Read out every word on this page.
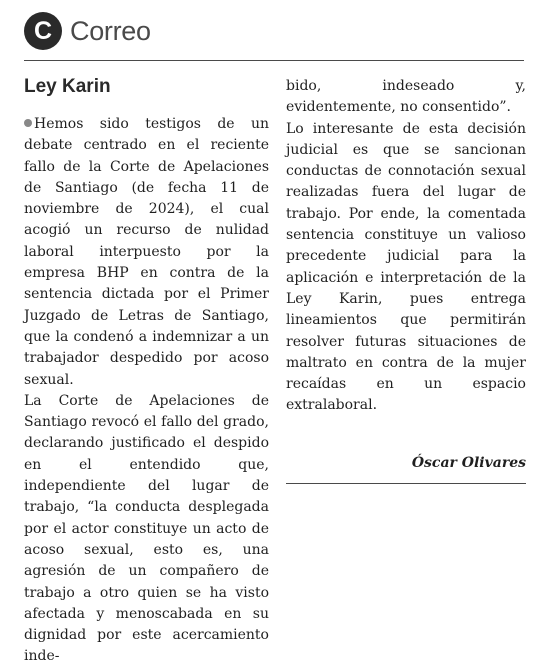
C Correo
Ley Karin

Hemos sido testigos de un debate centrado en el reciente fallo de la Corte de Apelaciones de Santiago (de fecha 11 de noviembre de 2024), el cual acogió un recurso de nulidad laboral interpuesto por la empresa BHP en contra de la sentencia dictada por el Primer Juzgado de Letras de Santiago, que la condenó a indemnizar a un trabajador despedido por acoso sexual.

La Corte de Apelaciones de Santiago revocó el fallo del grado, declarando justificado el despido en el entendido que, independiente del lugar de trabajo, “la conducta desplegada por el actor constituye un acto de acoso sexual, esto es, una agresión de un compañero de trabajo a otro quien se ha visto afectada y menoscabada en su dignidad por este acercamiento inde-

bido, indeseado y, evidentemente, no consentido”.

Lo interesante de esta decisión judicial es que se sancionan conductas de connotación sexual realizadas fuera del lugar de trabajo. Por ende, la comentada sentencia constituye un valioso precedente judicial para la aplicación e interpretación de la Ley Karin, pues entrega lineamientos que permitirán resolver futuras situaciones de maltrato en contra de la mujer recaídas en un espacio extralaboral.

Óscar Olivares
